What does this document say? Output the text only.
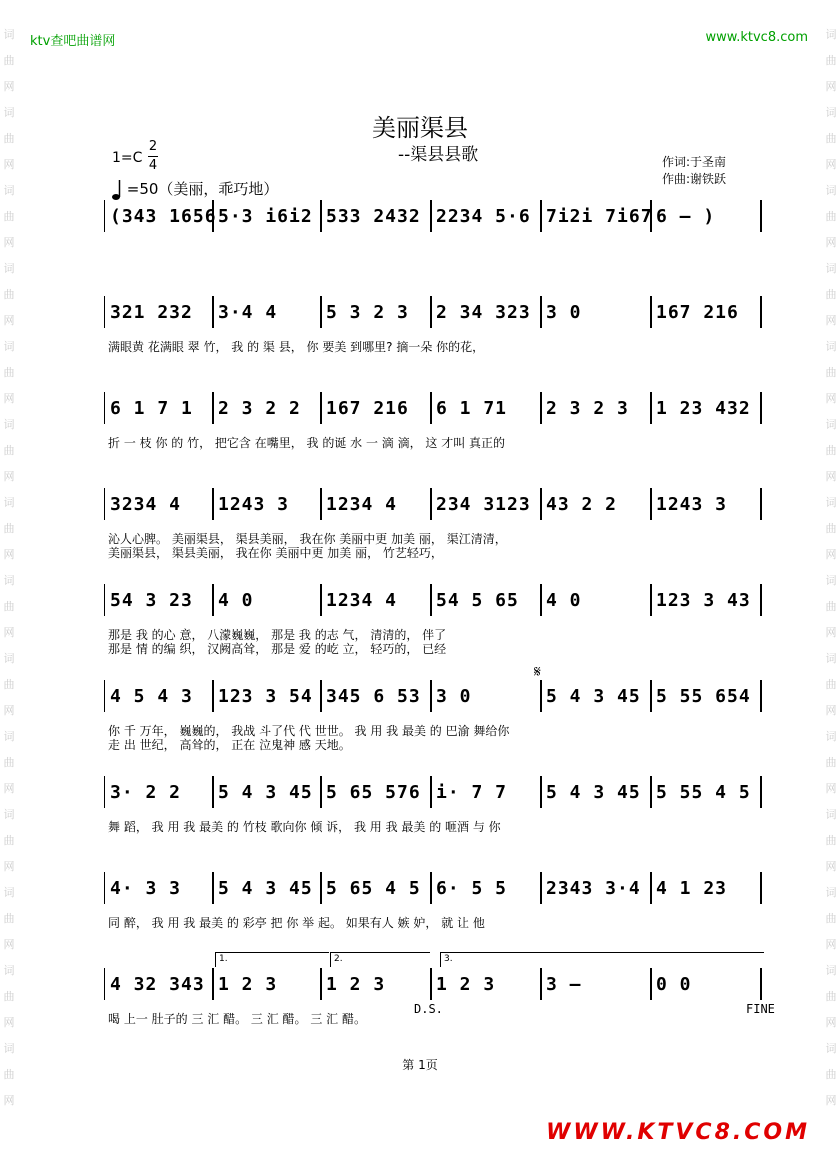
词
曲
网
词
曲
网
词
曲
网
词
曲
网
词
曲
网
词
曲
网
词
曲
网
词
曲
网
词
曲
网
词
曲
网
词
曲
网
词
曲
网
词
曲
网
词
曲
网
词
曲
网
词
曲
网
词
曲
网
词
曲
网
词
曲
网
词
曲
网
词
曲
网
词
曲
网
词
曲
网
词
曲
网
词
曲
网
词
曲
网
词
曲
网
词
曲
网
ktv查吧曲谱网	www.ktvc8.com
美丽渠县
--渠县县歌
1=C
2
4
=50（美丽，乖巧地）
作词:于圣南
作曲:谢铁跃
(343 1656 5·3 i6i2 533 2432 2234 5·6 7i2i 7i67 6 – )
321 232 3·4 4	5 3 2 3 2 34 323 3 0	167 216
满眼黄 花满眼 翠 竹， 我 的 渠 县， 你 要美 到哪里? 摘一朵 你的花，
6 1 7 1 2 3 2 2 167 216 6 1 71 2 3 2 3 1 23 432
折 一 枝 你 的 竹， 把它含 在嘴里， 我 的诞 水 一 滴 滴， 这 才叫 真正的
3234 4 1243 3 1234 4 234 3123 43 2 2 1243 3
沁人心脾。 美丽渠县， 渠县美丽， 我在你 美丽中更 加美 丽， 渠江清清，
美丽渠县， 渠县美丽， 我在你 美丽中更 加美 丽， 竹艺轻巧，
54 3 23 4 0	1234 4 54 5 65 4 0	123 3 43
那是 我 的心 意， 八濛巍巍， 那是 我 的志 气， 清清的， 伴了
那是 情 的编 织， 汉阙高耸， 那是 爱 的屹 立， 轻巧的， 已经
4 5 4 3 123 3 54 345 6 53 3 0	5 4 3 45 5 55 654
你 千 万年， 巍巍的， 我战 斗了代 代 世世。 我 用 我 最美 的 巴渝 舞给你
走 出 世纪， 高耸的， 正在 泣鬼神 感 天地。
3· 2 2 5 4 3 45 5 65 576 i· 7 7 5 4 3 45 5 55 4 5
舞 蹈， 我 用 我 最美 的 竹枝 歌向你 倾 诉， 我 用 我 最美 的 咂酒 与 你
4· 3 3 5 4 3 45 5 65 4 5 6· 5 5 2343 3·4 4 1 23
同 醉， 我 用 我 最美 的 彩亭 把 你 举 起。 如果有人 嫉 妒， 就 让 他
4 32 343 1 2 3	1 2 3	1 2 3	3 –	0 0
喝 上一 肚子的 三 汇 醋。 三 汇 醋。 三 汇 醋。
第 1页
WWW.KTVC8.COM
1.	2.	3.
D.S.	FINE
𝄋
